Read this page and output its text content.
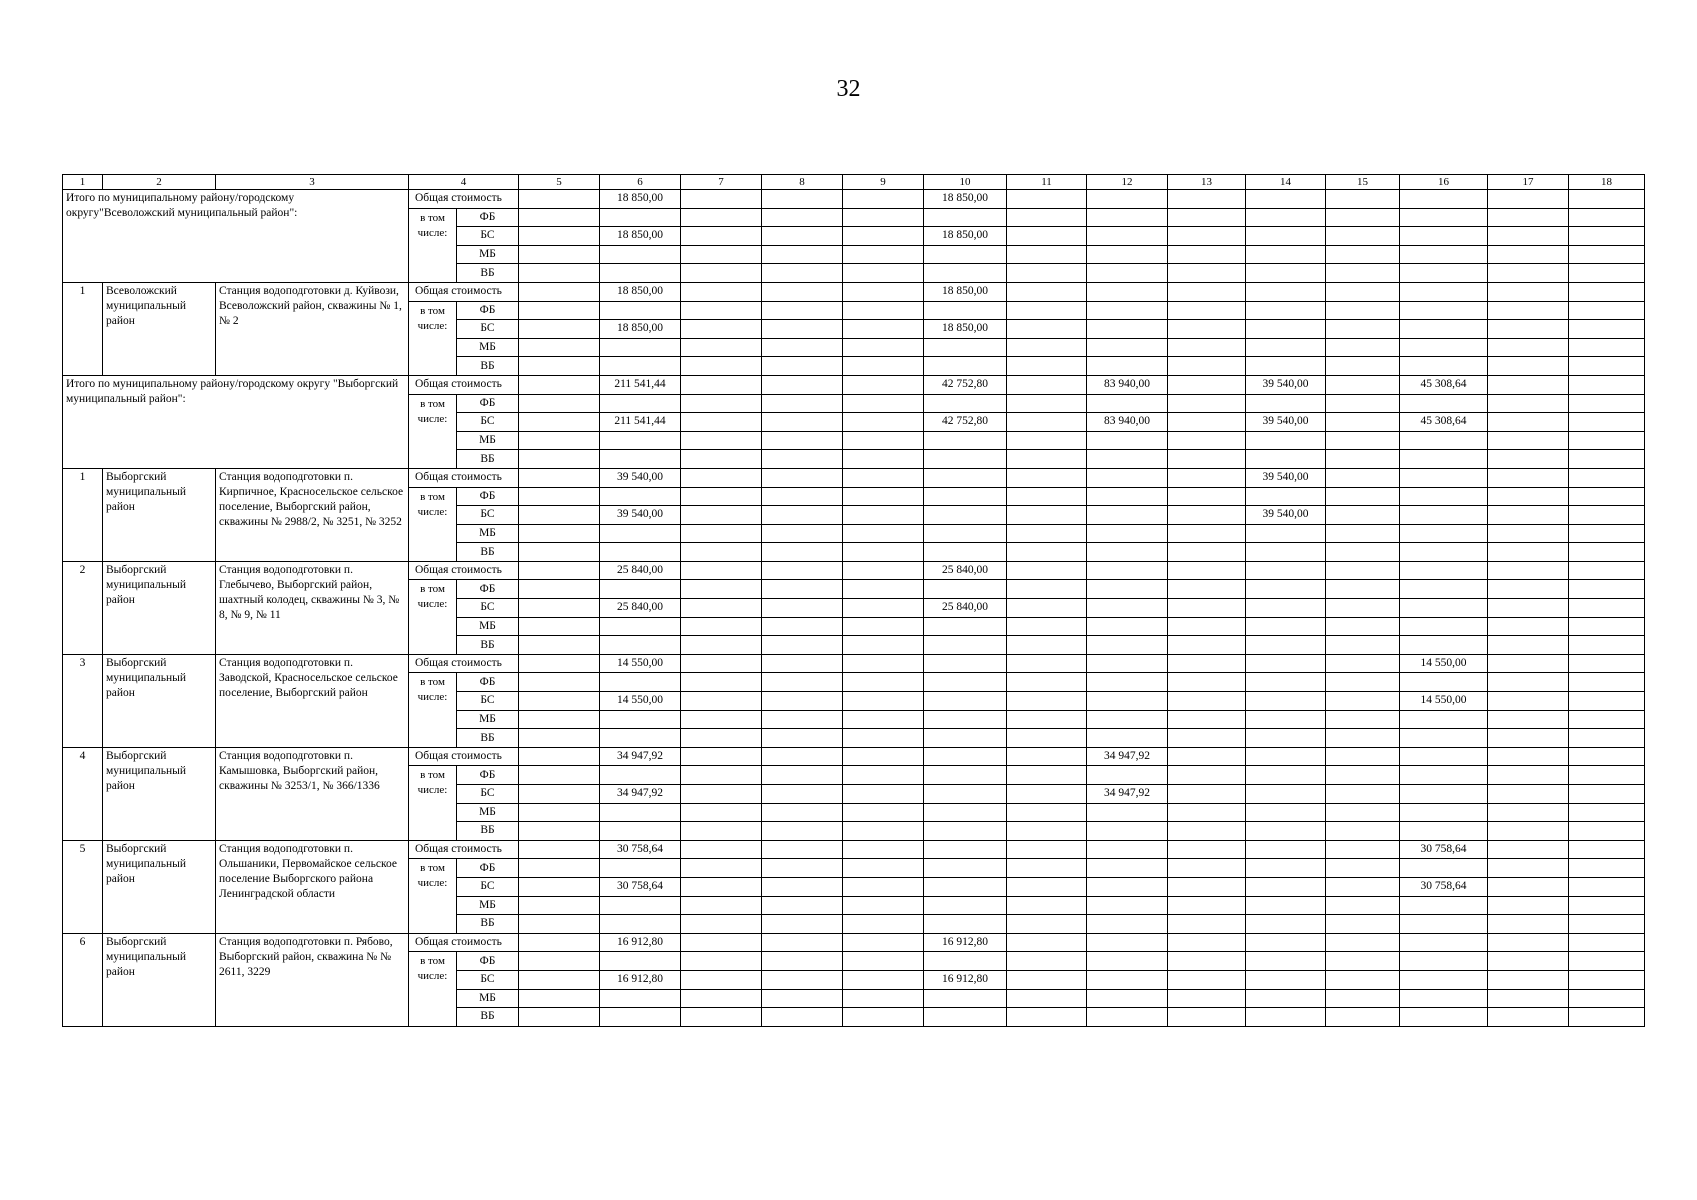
32
1	2	3	4		5	6	7	8	9	10	11	12	13	14	15	16	17	18
Итого по муниципальному району/городскому округу"Всеволожский муниципальный район":			Общая стоимость			18 850,00				18 850,00								
			в том числе:	ФБ														
				БС		18 850,00				18 850,00								
				МБ														
				ВБ														
1	Всеволожский муниципальный район	Станция водоподготовки д. Куйвози, Всеволожский район, скважины № 1, № 2	Общая стоимость			18 850,00				18 850,00								
			в том числе:	ФБ														
				БС		18 850,00				18 850,00								
				МБ														
				ВБ														
Итого по муниципальному району/городскому округу "Выборгский муниципальный район":			Общая стоимость			211 541,44				42 752,80		83 940,00		39 540,00		45 308,64		
			в том числе:	ФБ														
				БС		211 541,44				42 752,80		83 940,00		39 540,00		45 308,64		
				МБ														
				ВБ														
1	Выборгский муниципальный район	Станция водоподготовки п. Кирпичное, Красносельское сельское поселение, Выборгский район, скважины № 2988/2, № 3251, № 3252	Общая стоимость			39 540,00								39 540,00				
			в том числе:	ФБ														
				БС		39 540,00								39 540,00				
				МБ														
				ВБ														
2	Выборгский муниципальный район	Станция водоподготовки п. Глебычево, Выборгский район, шахтный колодец, скважины № 3, № 8, № 9, № 11	Общая стоимость			25 840,00				25 840,00								
			в том числе:	ФБ														
				БС		25 840,00				25 840,00								
				МБ														
				ВБ														
3	Выборгский муниципальный район	Станция водоподготовки п. Заводской, Красносельское сельское поселение, Выборгский район	Общая стоимость			14 550,00										14 550,00		
			в том числе:	ФБ														
				БС		14 550,00										14 550,00		
				МБ														
				ВБ														
4	Выборгский муниципальный район	Станция водоподготовки п. Камышовка, Выборгский район, скважины № 3253/1, № 366/1336	Общая стоимость			34 947,92						34 947,92						
			в том числе:	ФБ														
				БС		34 947,92						34 947,92						
				МБ														
				ВБ														
5	Выборгский муниципальный район	Станция водоподготовки п. Ольшаники, Первомайское сельское поселение Выборгского района Ленинградской области	Общая стоимость			30 758,64										30 758,64		
			в том числе:	ФБ														
				БС		30 758,64										30 758,64		
				МБ														
				ВБ														
6	Выборгский муниципальный район	Станция водоподготовки п. Рябово, Выборгский район, скважина № № 2611, 3229	Общая стоимость			16 912,80				16 912,80								
			в том числе:	ФБ														
				БС		16 912,80				16 912,80								
				МБ														
				ВБ														
